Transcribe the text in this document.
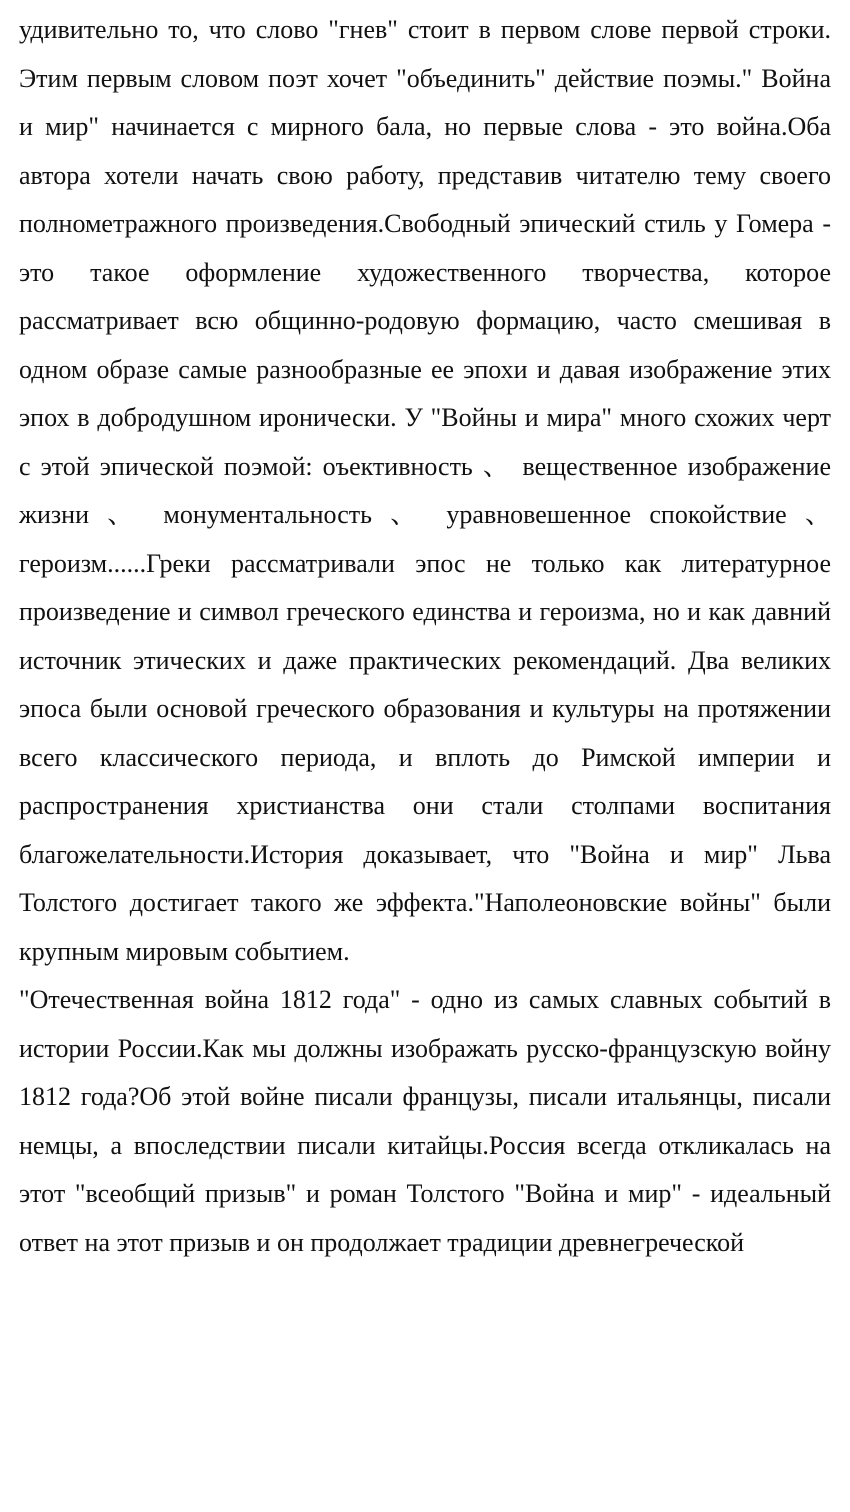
удивительно то, что слово "гнев" стоит в первом слове первой строки. Этим первым словом поэт хочет "объединить" действие поэмы." Война и мир" начинается с мирного бала, но первые слова - это война.Оба автора хотели начать свою работу, представив читателю тему своего полнометражного произведения.Свободный эпический стиль у Гомера - это такое оформление художественного творчества, которое рассматривает всю общинно-родовую формацию, часто смешивая в одном образе самые разнообразные ее эпохи и давая изображение этих эпох в добродушном иронически. У "Войны и мира" много схожих черт с этой эпической поэмой: оъективность 、 вещественное изображение жизни 、 монументальность 、 уравновешенное спокойствие 、 героизм......Греки рассматривали эпос не только как литературное произведение и символ греческого единства и героизма, но и как давний источник этических и даже практических рекомендаций. Два великих эпоса были основой греческого образования и культуры на протяжении всего классического периода, и вплоть до Римской империи и распространения христианства они стали столпами воспитания благожелательности.История доказывает, что "Война и мир" Льва Толстого достигает такого же эффекта."Наполеоновские войны" были крупным мировым событием.

"Отечественная война 1812 года" - одно из самых славных событий в истории России.Как мы должны изображать русско-французскую войну 1812 года?Об этой войне писали французы, писали итальянцы, писали немцы, а впоследствии писали китайцы.Россия всегда откликалась на этот "всеобщий призыв" и роман Толстого "Война и мир" - идеальный ответ на этот призыв и он продолжает традиции древнегреческой
